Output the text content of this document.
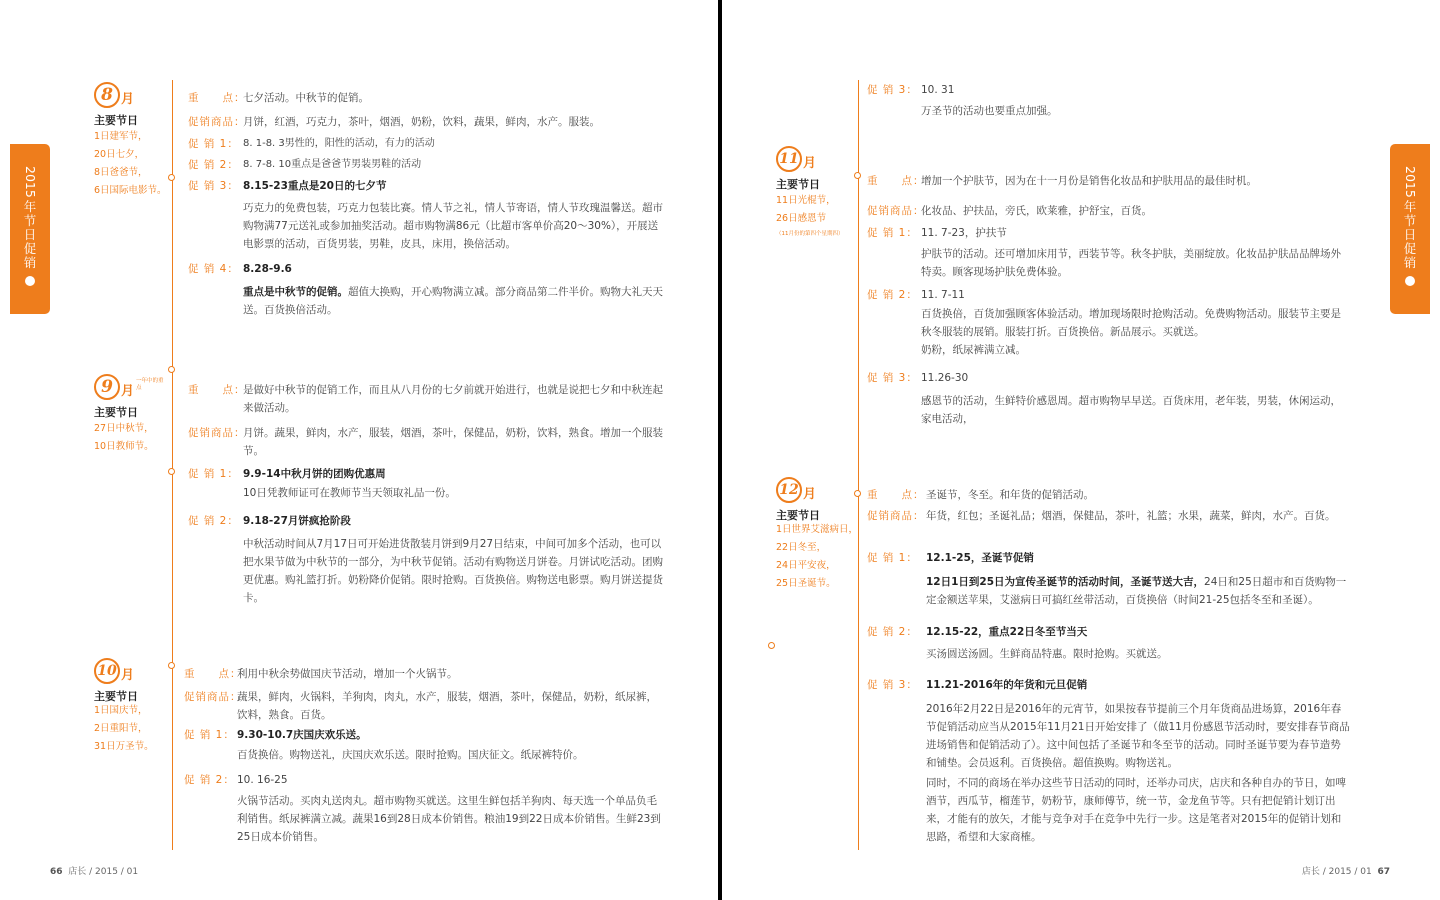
2015
年
节
日
促
销
8 月
主要节日
1日建军节，
20日七夕，
8日爸爸节，
6日国际电影节。
重　　点：
七夕活动。中秋节的促销。
促销商品：
月饼，红酒，巧克力，茶叶，烟酒，奶粉，饮料，蔬果，鲜肉，水产。服装。
促 销 1： 8. 1-8. 3男性的，阳性的活动，有力的活动
促 销 2： 8. 7-8. 10重点是爸爸节男装男鞋的活动
促 销 3： 8.15-23重点是20日的七夕节
巧克力的免费包装，巧克力包装比赛。情人节之礼，情人节寄语，情人节玫瑰温馨送。超市购物满77元送礼或参加抽奖活动。超市购物满86元（比超市客单价高20～30%），开展送电影票的活动，百货男装，男鞋，皮具，床用，换倍活动。
促 销 4： 8.28-9.6
重点是中秋节的促销。超值大换购，开心购物满立减。部分商品第二件半价。购物大礼天天送。百货换倍活动。
9 月
一年中的重点
主要节日
27日中秋节，
10日教师节。
重　　点：
是做好中秋节的促销工作，而且从八月份的七夕前就开始进行，也就是说把七夕和中秋连起来做活动。
促销商品：
月饼。蔬果，鲜肉，水产，服装，烟酒，茶叶，保健品，奶粉，饮料，熟食。增加一个服装节。
促 销 1： 9.9-14中秋月饼的团购优惠周
10日凭教师证可在教师节当天领取礼品一份。
促 销 2： 9.18-27月饼疯抢阶段
中秋活动时间从7月17日可开始进货散装月饼到9月27日结束，中间可加多个活动，也可以把水果节做为中秋节的一部分，为中秋节促销。活动有购物送月饼卷。月饼试吃活动。团购更优惠。购礼篮打折。奶粉降价促销。限时抢购。百货换倍。购物送电影票。购月饼送提货卡。
10 月
主要节日
1日国庆节，
2日重阳节，
31日万圣节。
重　　点：
利用中秋余势做国庆节活动，增加一个火锅节。
促销商品：
蔬果，鲜肉，火锅料，羊狗肉，肉丸，水产，服装，烟酒，茶叶，保健品，奶粉，纸尿裤，饮料，熟食。百货。
促 销 1： 9.30-10.7庆国庆欢乐送。
百货换倍。购物送礼，庆国庆欢乐送。限时抢购。国庆征文。纸尿裤特价。
促 销 2： 10. 16-25
火锅节活动。买肉丸送肉丸。超市购物买就送。这里生鲜包括羊狗肉、每天选一个单品负毛利销售。纸尿裤满立减。蔬果16到28日成本价销售。粮油19到22日成本价销售。生鲜23到25日成本价销售。
66 店长 / 2015 / 01
2015
年
节
日
促
销
促 销 3： 10. 31
万圣节的活动也要重点加强。
11 月
主要节日
11日光棍节，
26日感恩节
（11月份的第四个星期四）
重　　点：
增加一个护肤节，因为在十一月份是销售化妆品和护肤用品的最佳时机。
促销商品：
化妆品、护扶品，旁氏，欧莱雅，护舒宝，百货。
促 销 1： 11. 7-23，护扶节
护肤节的活动。还可增加床用节，西装节等。秋冬护肤，美丽绽放。化妆品护肤品品牌场外特卖。顾客现场护肤免费体验。
促 销 2： 11. 7-11
百货换倍，百货加强顾客体验活动。增加现场限时抢购活动。免费购物活动。服装节主要是秋冬服装的展销。服装打折。百货换倍。新品展示。买就送。
奶粉，纸尿裤满立减。
促 销 3： 11.26-30
感恩节的活动，生鲜特价感恩周。超市购物早早送。百货床用，老年装，男装，休闲运动，家电活动，
12 月
主要节日
1日世界艾滋病日，
22日冬至，
24日平安夜，
25日圣诞节。
重　　点： 圣诞节，冬至。和年货的促销活动。
促销商品： 年货，红包；圣诞礼品；烟酒，保健品，茶叶，礼篮；水果，蔬菜，鲜肉，水产。百货。
促 销 1： 12.1-25，圣诞节促销
12日1日到25日为宣传圣诞节的活动时间，圣诞节送大吉，24日和25日超市和百货购物一定金额送苹果，艾滋病日可搞红丝带活动，百货换倍（时间21-25包括冬至和圣诞）。
促 销 2： 12.15-22，重点22日冬至节当天
买汤圆送汤圆。生鲜商品特惠。限时抢购。买就送。
促 销 3： 11.21-2016年的年货和元旦促销
2016年2月22日是2016年的元宵节，如果按春节提前三个月年货商品进场算，2016年春节促销活动应当从2015年11月21日开始安排了（做11月份感恩节活动时，要安排春节商品进场销售和促销活动了）。这中间包括了圣诞节和冬至节的活动。同时圣诞节要为春节造势和铺垫。会员返利。百货换倍。超值换购。购物送礼。
同时，不同的商场在举办这些节日活动的同时，还举办司庆，店庆和各种自办的节日，如啤酒节，西瓜节，榴莲节，奶粉节，康师傅节，统一节，金龙鱼节等。只有把促销计划订出来，才能有的放矢，才能与竞争对手在竞争中先行一步。这是笔者对2015年的促销计划和思路，希望和大家商榷。
店长 / 2015 / 01 67
